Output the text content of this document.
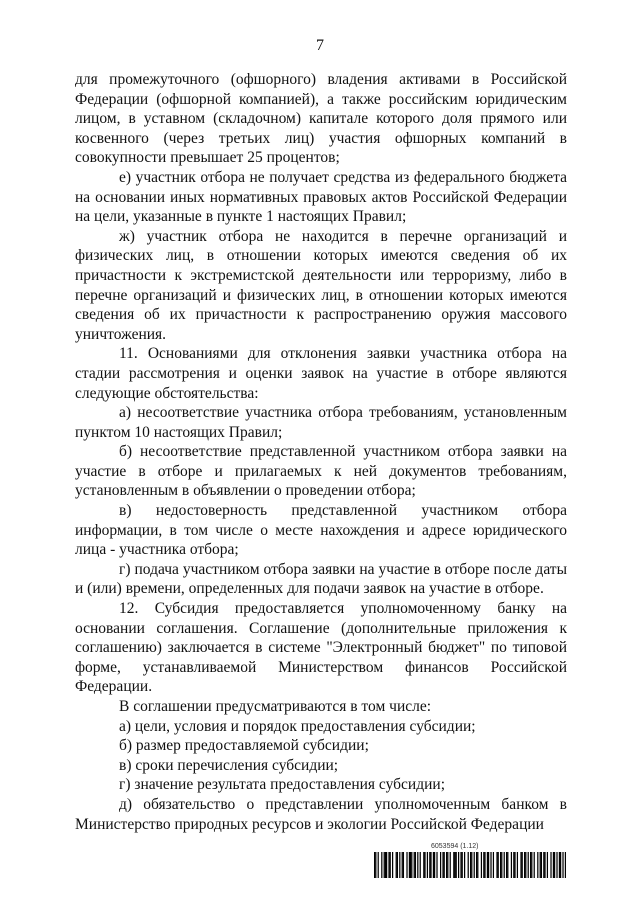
7

для промежуточного (офшорного) владения активами в Российской Федерации (офшорной компанией), а также российским юридическим лицом, в уставном (складочном) капитале которого доля прямого или косвенного (через третьих лиц) участия офшорных компаний в совокупности превышает 25 процентов;

е) участник отбора не получает средства из федерального бюджета на основании иных нормативных правовых актов Российской Федерации на цели, указанные в пункте 1 настоящих Правил;

ж) участник отбора не находится в перечне организаций и физических лиц, в отношении которых имеются сведения об их причастности к экстремистской деятельности или терроризму, либо в перечне организаций и физических лиц, в отношении которых имеются сведения об их причастности к распространению оружия массового уничтожения.

11. Основаниями для отклонения заявки участника отбора на стадии рассмотрения и оценки заявок на участие в отборе являются следующие обстоятельства:

а) несоответствие участника отбора требованиям, установленным пунктом 10 настоящих Правил;

б) несоответствие представленной участником отбора заявки на участие в отборе и прилагаемых к ней документов требованиям, установленным в объявлении о проведении отбора;

в) недостоверность представленной участником отбора информации, в том числе о месте нахождения и адресе юридического лица - участника отбора;

г) подача участником отбора заявки на участие в отборе после даты и (или) времени, определенных для подачи заявок на участие в отборе.

12. Субсидия предоставляется уполномоченному банку на основании соглашения. Соглашение (дополнительные приложения к соглашению) заключается в системе "Электронный бюджет" по типовой форме, устанавливаемой Министерством финансов Российской Федерации.

В соглашении предусматриваются в том числе:

а) цели, условия и порядок предоставления субсидии;

б) размер предоставляемой субсидии;

в) сроки перечисления субсидии;

г) значение результата предоставления субсидии;

д) обязательство о представлении уполномоченным банком в Министерство природных ресурсов и экологии Российской Федерации

6053594 (1.12)
